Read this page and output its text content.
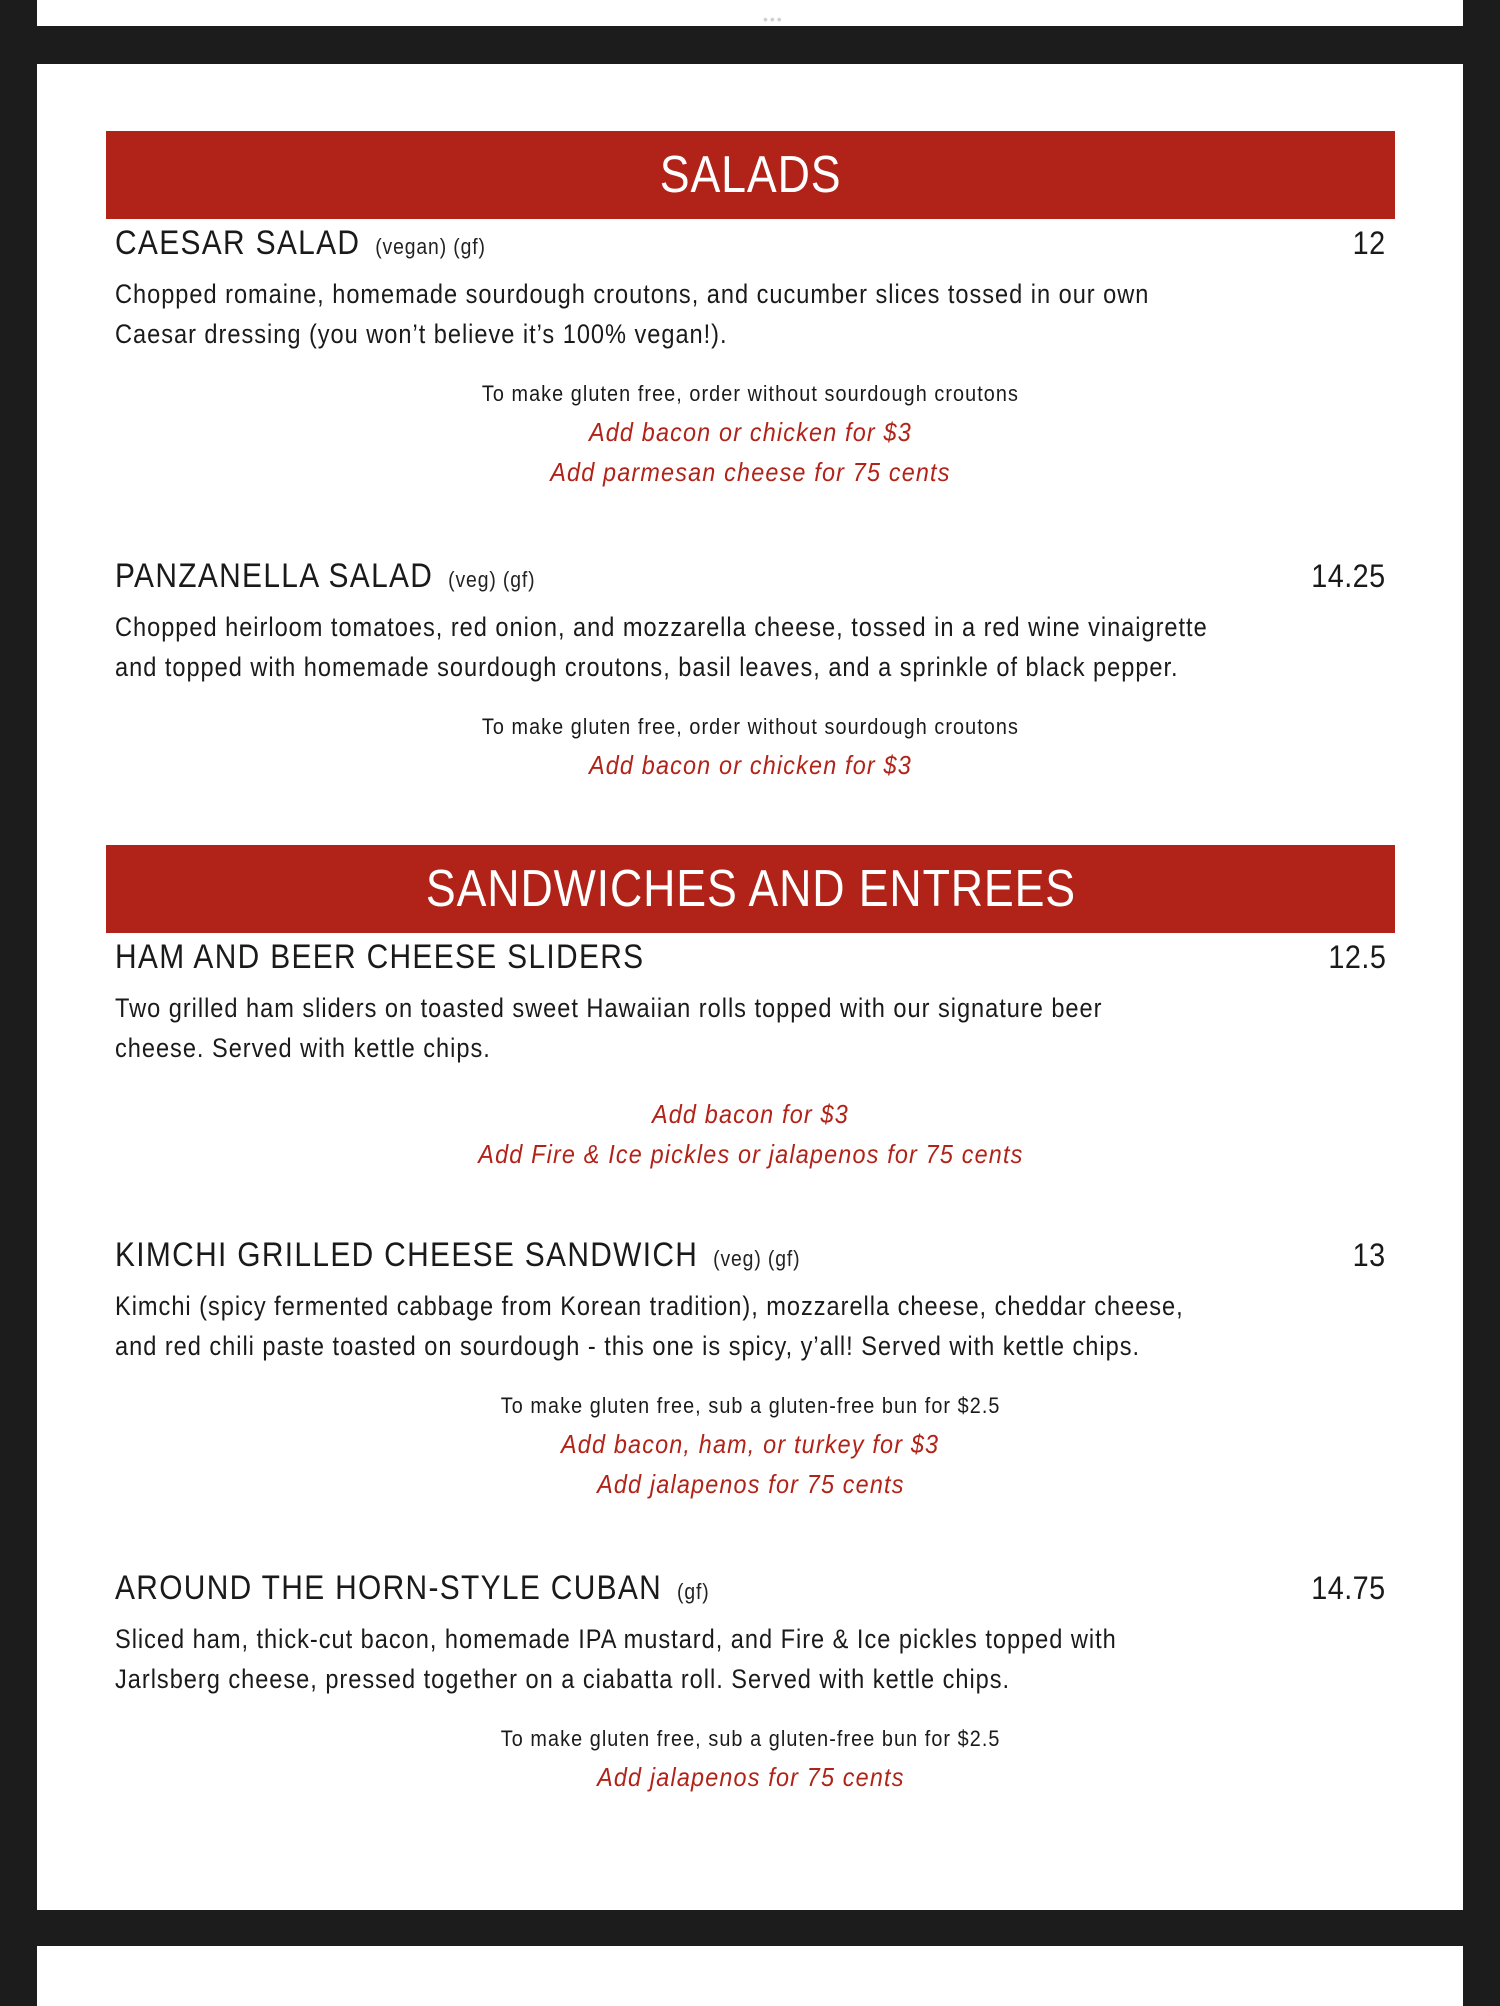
•••
SALADS
CAESAR SALAD (vegan) (gf)	12
Chopped romaine, homemade sourdough croutons, and cucumber slices tossed in our own
Caesar dressing (you won’t believe it’s 100% vegan!).
To make gluten free, order without sourdough croutons
Add bacon or chicken for $3
Add parmesan cheese for 75 cents
PANZANELLA SALAD (veg) (gf)	14.25
Chopped heirloom tomatoes, red onion, and mozzarella cheese, tossed in a red wine vinaigrette
and topped with homemade sourdough croutons, basil leaves, and a sprinkle of black pepper.
To make gluten free, order without sourdough croutons
Add bacon or chicken for $3
SANDWICHES AND ENTREES
HAM AND BEER CHEESE SLIDERS	12.5
Two grilled ham sliders on toasted sweet Hawaiian rolls topped with our signature beer
cheese. Served with kettle chips.
Add bacon for $3
Add Fire & Ice pickles or jalapenos for 75 cents
KIMCHI GRILLED CHEESE SANDWICH (veg) (gf)	13
Kimchi (spicy fermented cabbage from Korean tradition), mozzarella cheese, cheddar cheese,
and red chili paste toasted on sourdough - this one is spicy, y’all! Served with kettle chips.
To make gluten free, sub a gluten-free bun for $2.5
Add bacon, ham, or turkey for $3
Add jalapenos for 75 cents
AROUND THE HORN-STYLE CUBAN (gf)	14.75
Sliced ham, thick-cut bacon, homemade IPA mustard, and Fire & Ice pickles topped with
Jarlsberg cheese, pressed together on a ciabatta roll. Served with kettle chips.
To make gluten free, sub a gluten-free bun for $2.5
Add jalapenos for 75 cents
